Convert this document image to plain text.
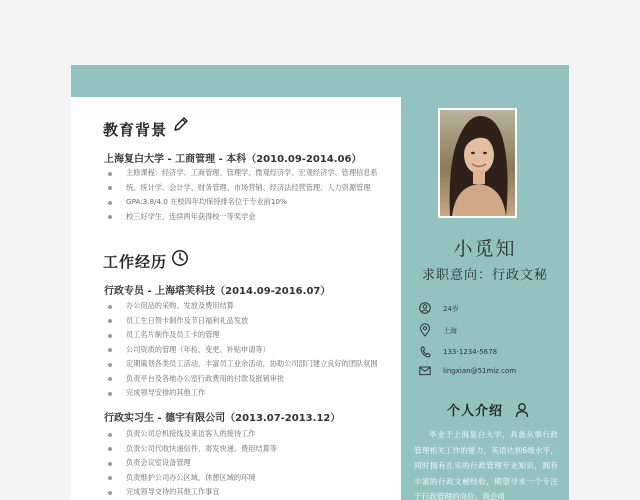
教育背景
上海复白大学 - 工商管理 - 本科（2010.09-2014.06）
主修课程：经济学、工商管理、管理学、微观经济学、宏观经济学、管理信息系
统、统计学、会计学、财务管理、市场营销、经济法经营管理、人力资源管理
GPA:3.8/4.0 在校四年均保持排名位于专业前10%
校三好学生，连续两年获得校一等奖学金
工作经历
行政专员 - 上海塔芙科技（2014.09-2016.07）
办公用品的采购、发放及费用结算
员工生日贺卡制作及节日福利礼品发放
员工名片制作及员工卡的管理
公司资质的管理（年检、变更、补贴申请等）
定期策划各类员工活动，丰富员工业余活动，协助公司部门建立良好的团队氛围
负责平台及各地办公室行政费用的付款及报销审批
完成领导安排的其他工作
行政实习生 - 德宇有限公司（2013.07-2013.12）
负责公司总机接线及来访客人的接待工作
负责公司代收快递信件、寄发快递、费用结算等
负责会议室设备管理
负责维护公司办公区域、休憩区域的环境
完成领导交待的其他工作事宜
小觅知
求职意向：行政文秘
24岁
上海
133-1234-5678
lingxian@51miz.com
个人介绍
毕业于上海复白大学，具备从事行政管理相关工作的能力，英语达到6级水平，同时拥有扎实的行政管理专业知识，拥有丰富的行政文秘经验，期望寻求一个专注于行政管理的岗位。我会用
